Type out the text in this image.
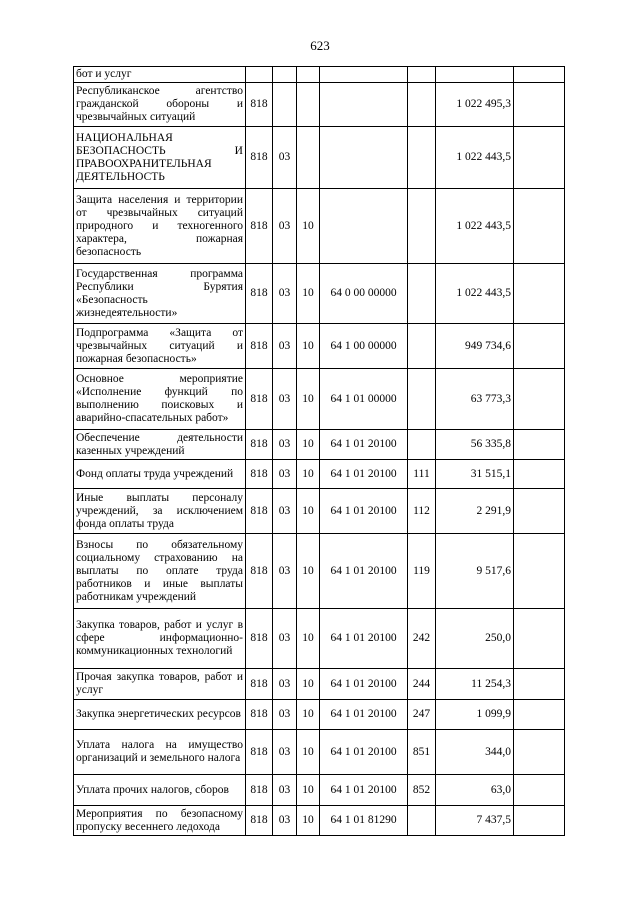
623
бот и услуг							
Республиканское агентство гражданской обороны и чрезвычайных ситуаций	818					1 022 495,3	
НАЦИОНАЛЬНАЯ БЕЗОПАСНОСТЬ И ПРАВООХРАНИТЕЛЬНАЯ ДЕЯТЕЛЬНОСТЬ	818	03				1 022 443,5	
Защита населения и территории от чрезвычайных ситуаций природного и техногенного характера, пожарная безопасность	818	03	10			1 022 443,5	
Государственная программа Республики Бурятия «Безопасность жизнедеятельности»	818	03	10	64 0 00 00000		1 022 443,5	
Подпрограмма «Защита от чрезвычайных ситуаций и пожарная безопасность»	818	03	10	64 1 00 00000		949 734,6	
Основное мероприятие «Исполнение функций по выполнению поисковых и аварийно-спасательных работ»	818	03	10	64 1 01 00000		63 773,3	
Обеспечение деятельности казенных учреждений	818	03	10	64 1 01 20100		56 335,8	
Фонд оплаты труда учреждений	818	03	10	64 1 01 20100	111	31 515,1	
Иные выплаты персоналу учреждений, за исключением фонда оплаты труда	818	03	10	64 1 01 20100	112	2 291,9	
Взносы по обязательному социальному страхованию на выплаты по оплате труда работников и иные выплаты работникам учреждений	818	03	10	64 1 01 20100	119	9 517,6	
Закупка товаров, работ и услуг в сфере информационно-коммуникационных технологий	818	03	10	64 1 01 20100	242	250,0	
Прочая закупка товаров, работ и услуг	818	03	10	64 1 01 20100	244	11 254,3	
Закупка энергетических ресурсов	818	03	10	64 1 01 20100	247	1 099,9	
Уплата налога на имущество организаций и земельного налога	818	03	10	64 1 01 20100	851	344,0	
Уплата прочих налогов, сборов	818	03	10	64 1 01 20100	852	63,0	
Мероприятия по безопасному пропуску весеннего ледохода	818	03	10	64 1 01 81290		7 437,5	
